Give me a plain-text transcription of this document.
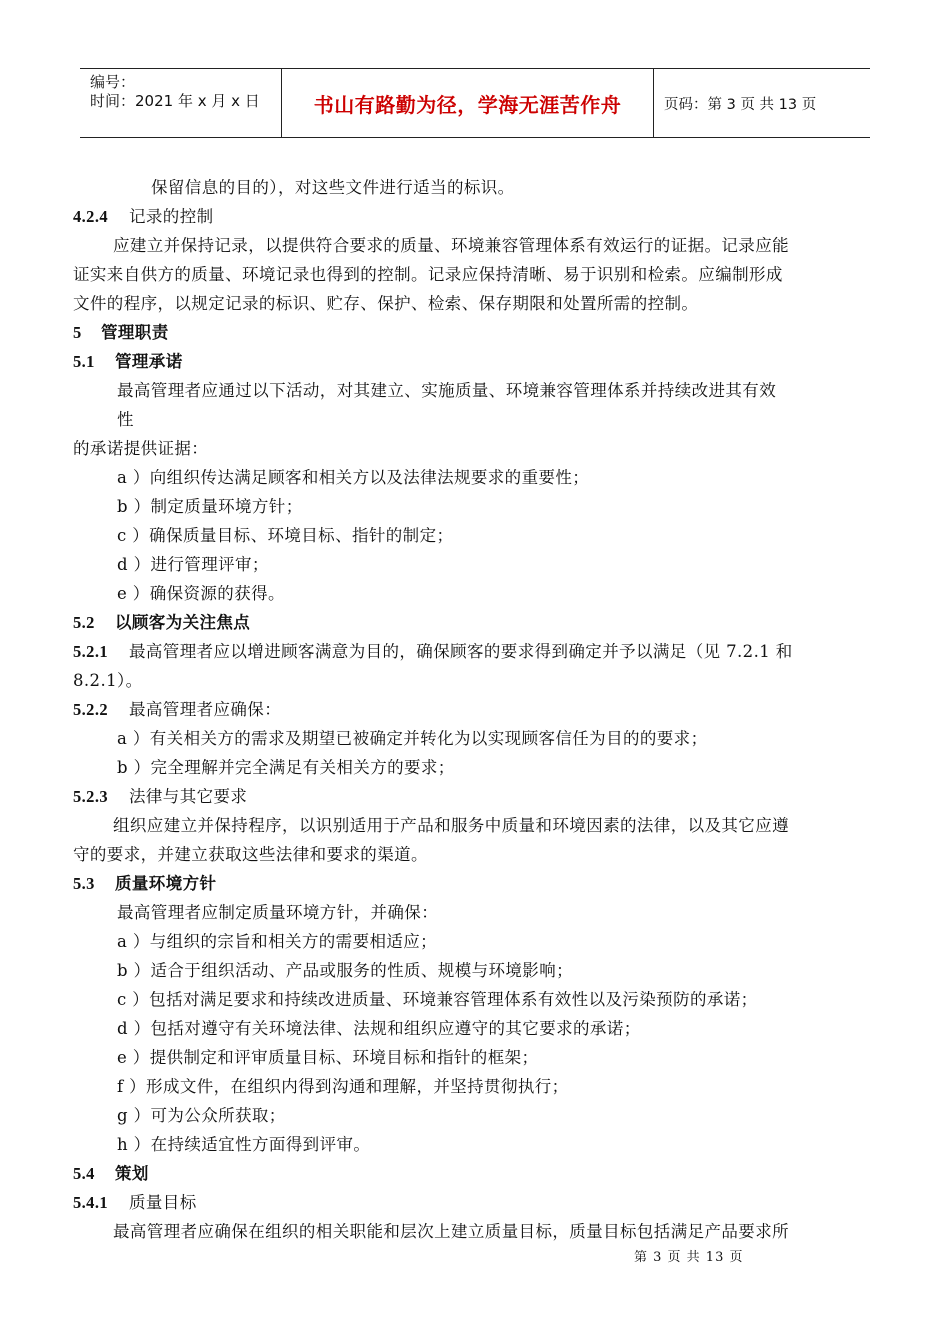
编号：
时间：2021 年 x 月 x 日	书山有路勤为径，学海无涯苦作舟	页码：第 3 页 共 13 页
保留信息的目的），对这些文件进行适当的标识。
4.2.4 记录的控制
应建立并保持记录，以提供符合要求的质量、环境兼容管理体系有效运行的证据。记录应能
证实来自供方的质量、环境记录也得到的控制。记录应保持清晰、易于识别和检索。应编制形成
文件的程序，以规定记录的标识、贮存、保护、检索、保存期限和处置所需的控制。
5 管理职责
5.1 管理承诺
最高管理者应通过以下活动，对其建立、实施质量、环境兼容管理体系并持续改进其有效
性
的承诺提供证据：
a ）向组织传达满足顾客和相关方以及法律法规要求的重要性；
b ）制定质量环境方针；
c ）确保质量目标、环境目标、指针的制定；
d ）进行管理评审；
e ）确保资源的获得。
5.2 以顾客为关注焦点
5.2.1 最高管理者应以增进顾客满意为目的，确保顾客的要求得到确定并予以满足（见 7.2.1 和
8.2.1）。
5.2.2 最高管理者应确保：
a ）有关相关方的需求及期望已被确定并转化为以实现顾客信任为目的的要求；
b ）完全理解并完全满足有关相关方的要求；
5.2.3 法律与其它要求
组织应建立并保持程序，以识别适用于产品和服务中质量和环境因素的法律，以及其它应遵
守的要求，并建立获取这些法律和要求的渠道。
5.3 质量环境方针
最高管理者应制定质量环境方针，并确保：
a ）与组织的宗旨和相关方的需要相适应；
b ）适合于组织活动、产品或服务的性质、规模与环境影响；
c ）包括对满足要求和持续改进质量、环境兼容管理体系有效性以及污染预防的承诺；
d ）包括对遵守有关环境法律、法规和组织应遵守的其它要求的承诺；
e ）提供制定和评审质量目标、环境目标和指针的框架；
f ）形成文件，在组织内得到沟通和理解，并坚持贯彻执行；
g ）可为公众所获取；
h ）在持续适宜性方面得到评审。
5.4 策划
5.4.1 质量目标
最高管理者应确保在组织的相关职能和层次上建立质量目标，质量目标包括满足产品要求所
第 3 页 共 13 页
